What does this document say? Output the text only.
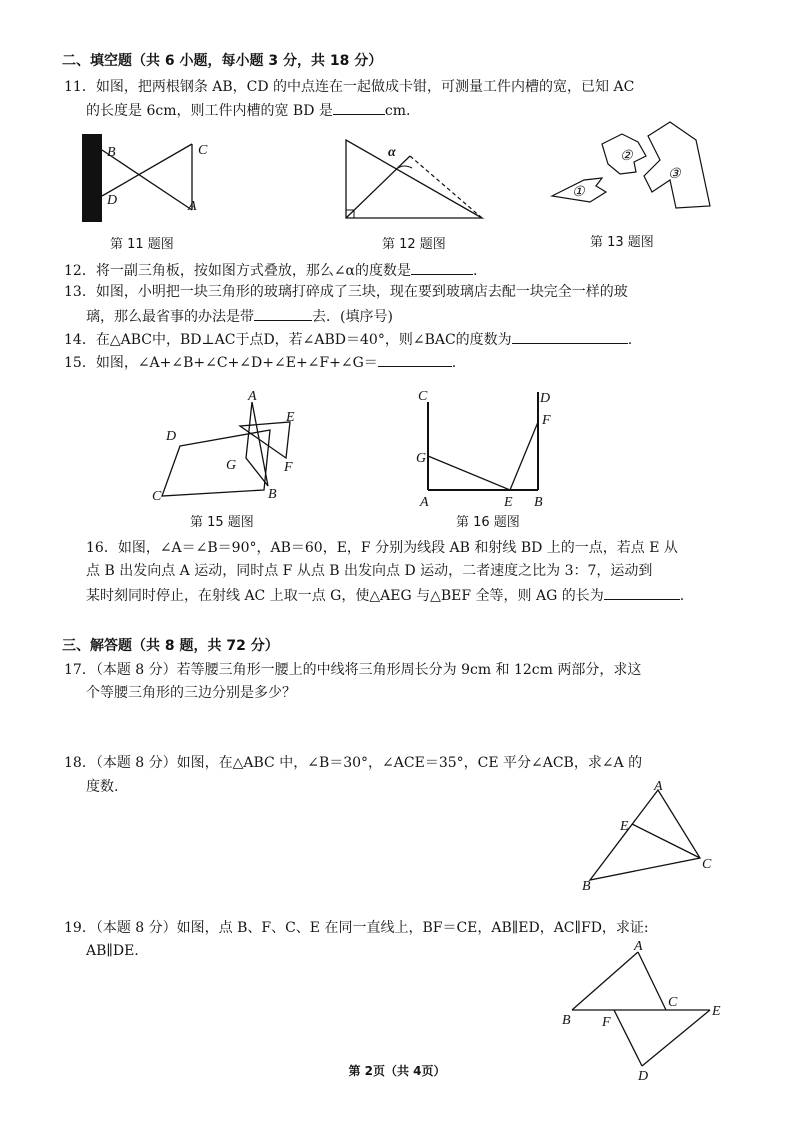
二、填空题（共 6 小题，每小题 3 分，共 18 分）
11．如图，把两根钢条 AB，CD 的中点连在一起做成卡钳，可测量工件内槽的宽，已知 AC
的长度是 6cm，则工件内槽的宽 BD 是	cm.
B	C
D	A
α
①
②
③
第 11 题图	第 12 题图	第 13 题图
12．将一副三角板，按如图方式叠放，那么∠α的度数是	.
13．如图，小明把一块三角形的玻璃打碎成了三块，现在要到玻璃店去配一块完全一样的玻
璃，那么最省事的办法是带	去．(填序号)
14．在△ABC中，BD⊥AC于点D，若∠ABD＝40°，则∠BAC的度数为	.
15．如图，∠A+∠B+∠C+∠D+∠E+∠F+∠G＝	.
A
E
D
G	F
C	B
C	D
F
G
A	E B
第 15 题图	第 16 题图
16．如图，∠A＝∠B＝90°，AB＝60，E，F 分别为线段 AB 和射线 BD 上的一点，若点 E 从
点 B 出发向点 A 运动，同时点 F 从点 B 出发向点 D 运动，二者速度之比为 3：7，运动到
某时刻同时停止，在射线 AC 上取一点 G，使△AEG 与△BEF 全等，则 AG 的长为	.
三、解答题（共 8 题，共 72 分）
17．（本题 8 分）若等腰三角形一腰上的中线将三角形周长分为 9cm 和 12cm 两部分，求这
个等腰三角形的三边分别是多少？
18．（本题 8 分）如图，在△ABC 中，∠B＝30°，∠ACE＝35°，CE 平分∠ACB，求∠A 的
度数.	A
E
C
B
19．（本题 8 分）如图，点 B、F、C、E 在同一直线上，BF＝CE，AB∥ED，AC∥FD，求证:
AB∥DE.	A
C
B F
E
D
第 2页（共 4页）
